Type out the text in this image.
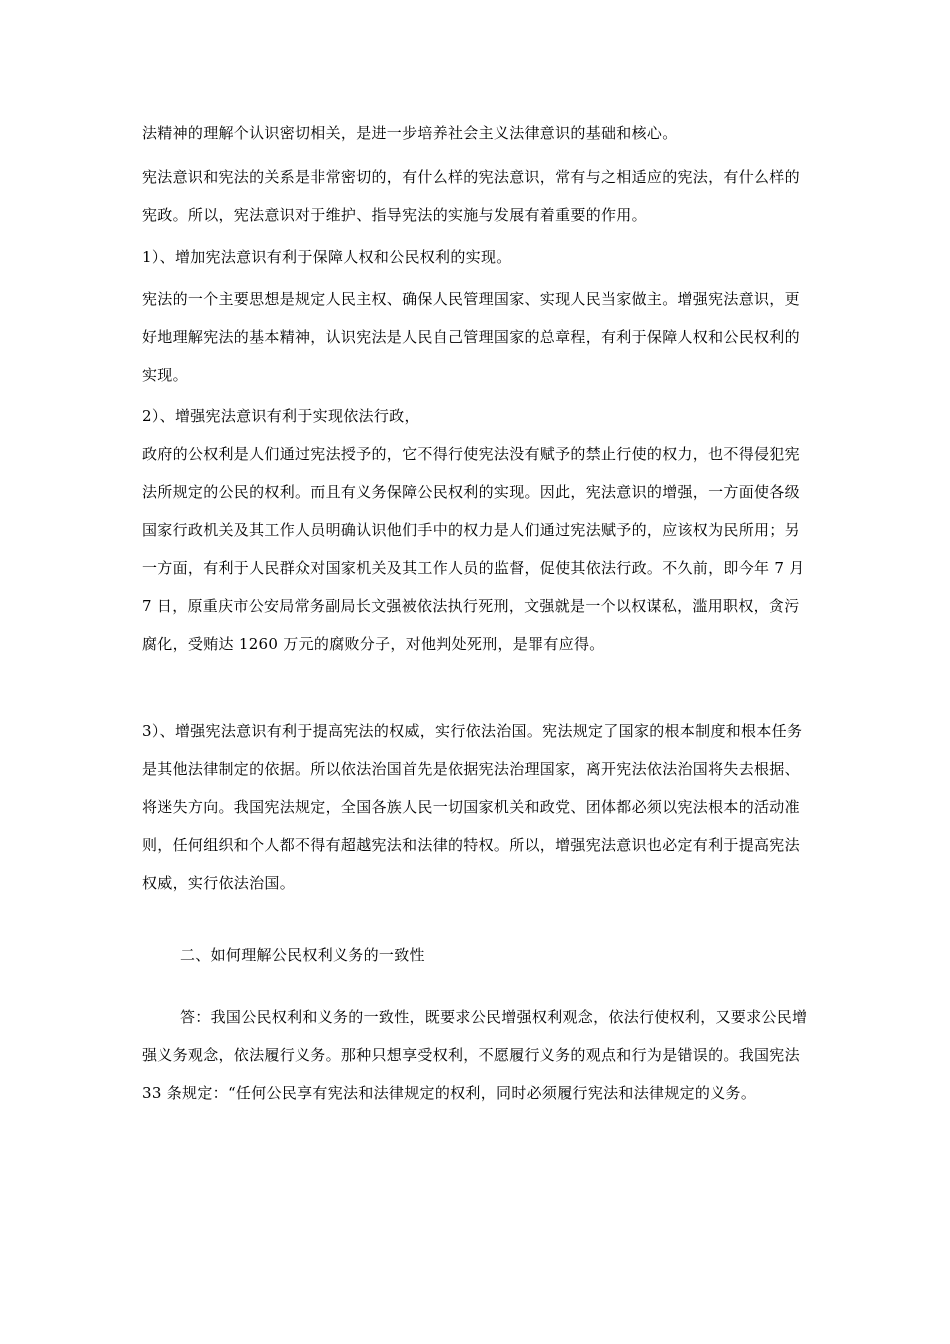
法精神的理解个认识密切相关，是进一步培养社会主义法律意识的基础和核心。

宪法意识和宪法的关系是非常密切的，有什么样的宪法意识，常有与之相适应的宪法，有什么样的宪政。所以，宪法意识对于维护、指导宪法的实施与发展有着重要的作用。

1）、增加宪法意识有利于保障人权和公民权利的实现。

宪法的一个主要思想是规定人民主权、确保人民管理国家、实现人民当家做主。增强宪法意识，更好地理解宪法的基本精神，认识宪法是人民自己管理国家的总章程，有利于保障人权和公民权利的实现。

2）、增强宪法意识有利于实现依法行政，

政府的公权利是人们通过宪法授予的，它不得行使宪法没有赋予的禁止行使的权力，也不得侵犯宪法所规定的公民的权利。而且有义务保障公民权利的实现。因此，宪法意识的增强，一方面使各级国家行政机关及其工作人员明确认识他们手中的权力是人们通过宪法赋予的，应该权为民所用；另一方面，有利于人民群众对国家机关及其工作人员的监督，促使其依法行政。不久前，即今年 7 月 7 日，原重庆市公安局常务副局长文强被依法执行死刑，文强就是一个以权谋私，滥用职权，贪污腐化，受贿达 1260 万元的腐败分子，对他判处死刑，是罪有应得。

3）、增强宪法意识有利于提高宪法的权威，实行依法治国。宪法规定了国家的根本制度和根本任务是其他法律制定的依据。所以依法治国首先是依据宪法治理国家，离开宪法依法治国将失去根据、将迷失方向。我国宪法规定，全国各族人民一切国家机关和政党、团体都必须以宪法根本的活动准则，任何组织和个人都不得有超越宪法和法律的特权。所以，增强宪法意识也必定有利于提高宪法权威，实行依法治国。

二、如何理解公民权利义务的一致性

答：我国公民权利和义务的一致性，既要求公民增强权利观念，依法行使权利，又要求公民增强义务观念，依法履行义务。那种只想享受权利，不愿履行义务的观点和行为是错误的。我国宪法 33 条规定：“任何公民享有宪法和法律规定的权利，同时必须履行宪法和法律规定的义务。
